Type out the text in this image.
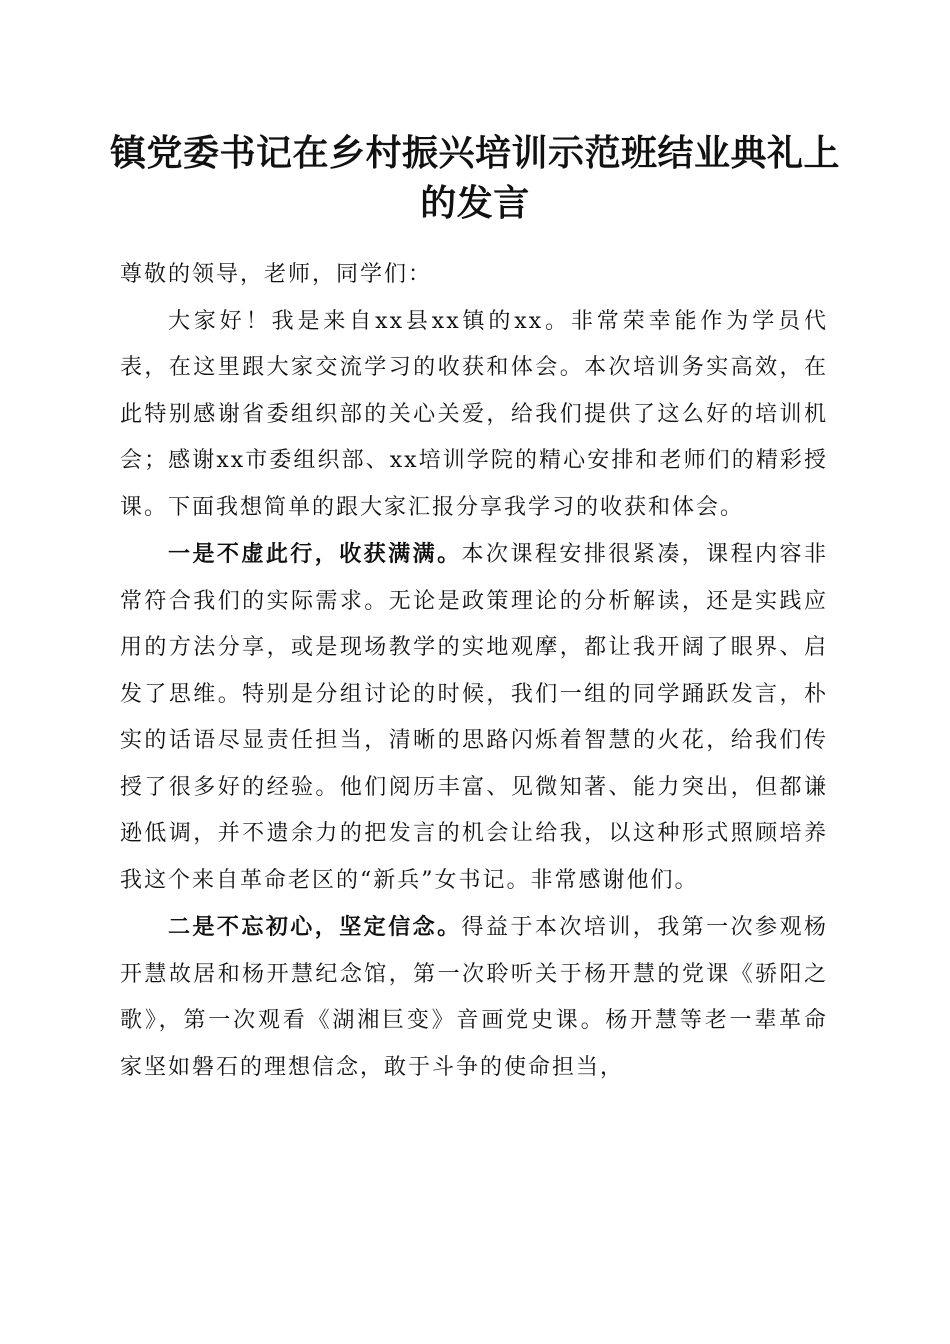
镇党委书记在乡村振兴培训示范班结业典礼上
的发言

尊敬的领导，老师，同学们：

大家好！我是来自xx县xx镇的xx。非常荣幸能作为学员代表，在这里跟大家交流学习的收获和体会。本次培训务实高效，在此特别感谢省委组织部的关心关爱，给我们提供了这么好的培训机会；感谢xx市委组织部、xx培训学院的精心安排和老师们的精彩授课。下面我想简单的跟大家汇报分享我学习的收获和体会。

一是不虚此行，收获满满。本次课程安排很紧凑，课程内容非常符合我们的实际需求。无论是政策理论的分析解读，还是实践应用的方法分享，或是现场教学的实地观摩，都让我开阔了眼界、启发了思维。特别是分组讨论的时候，我们一组的同学踊跃发言，朴实的话语尽显责任担当，清晰的思路闪烁着智慧的火花，给我们传授了很多好的经验。他们阅历丰富、见微知著、能力突出，但都谦逊低调，并不遗余力的把发言的机会让给我，以这种形式照顾培养我这个来自革命老区的“新兵”女书记。非常感谢他们。

二是不忘初心，坚定信念。得益于本次培训，我第一次参观杨开慧故居和杨开慧纪念馆，第一次聆听关于杨开慧的党课《骄阳之歌》，第一次观看《湖湘巨变》音画党史课。杨开慧等老一辈革命家坚如磐石的理想信念，敢于斗争的使命担当，
